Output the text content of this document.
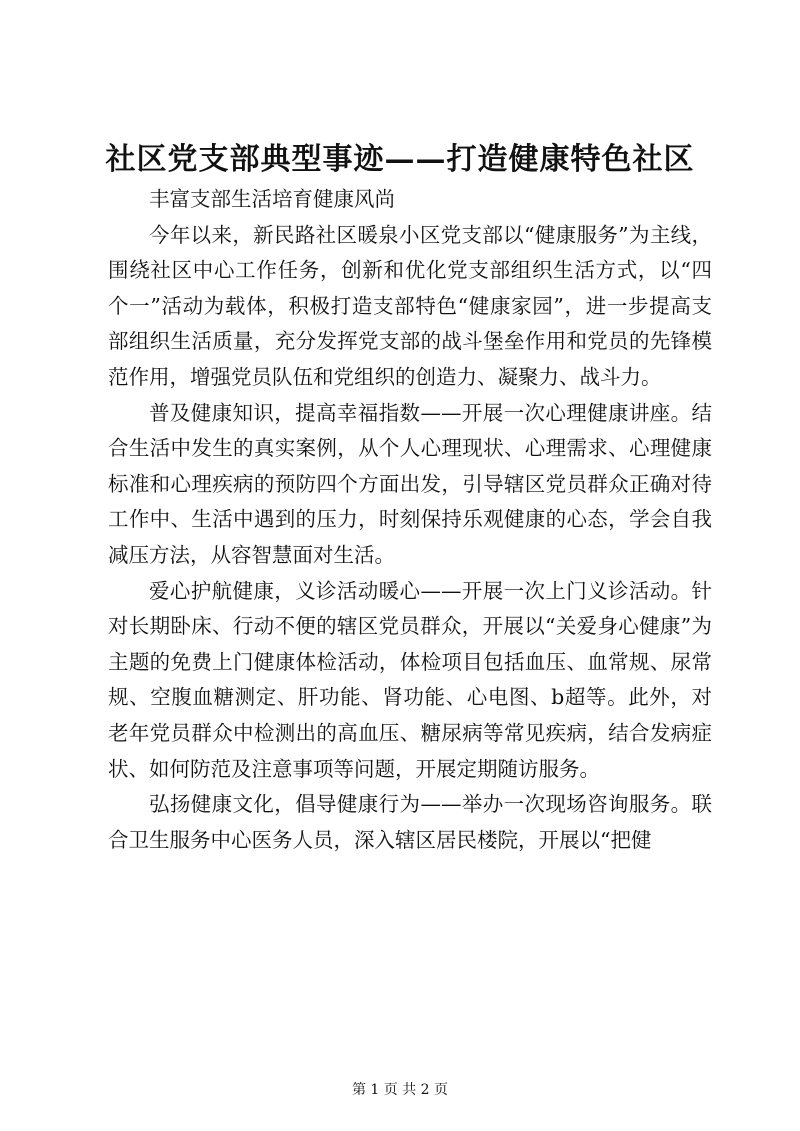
社区党支部典型事迹——打造健康特色社区

丰富支部生活培育健康风尚

今年以来，新民路社区暖泉小区党支部以“健康服务”为主线，围绕社区中心工作任务，创新和优化党支部组织生活方式，以“四个一”活动为载体，积极打造支部特色“健康家园”，进一步提高支部组织生活质量，充分发挥党支部的战斗堡垒作用和党员的先锋模范作用，增强党员队伍和党组织的创造力、凝聚力、战斗力。

普及健康知识，提高幸福指数——开展一次心理健康讲座。结合生活中发生的真实案例，从个人心理现状、心理需求、心理健康标准和心理疾病的预防四个方面出发，引导辖区党员群众正确对待工作中、生活中遇到的压力，时刻保持乐观健康的心态，学会自我减压方法，从容智慧面对生活。

爱心护航健康，义诊活动暖心——开展一次上门义诊活动。针对长期卧床、行动不便的辖区党员群众，开展以“关爱身心健康”为主题的免费上门健康体检活动，体检项目包括血压、血常规、尿常规、空腹血糖测定、肝功能、肾功能、心电图、b超等。此外，对老年党员群众中检测出的高血压、糖尿病等常见疾病，结合发病症状、如何防范及注意事项等问题，开展定期随访服务。

弘扬健康文化，倡导健康行为——举办一次现场咨询服务。联合卫生服务中心医务人员，深入辖区居民楼院，开展以“把健

第 1 页 共 2 页
